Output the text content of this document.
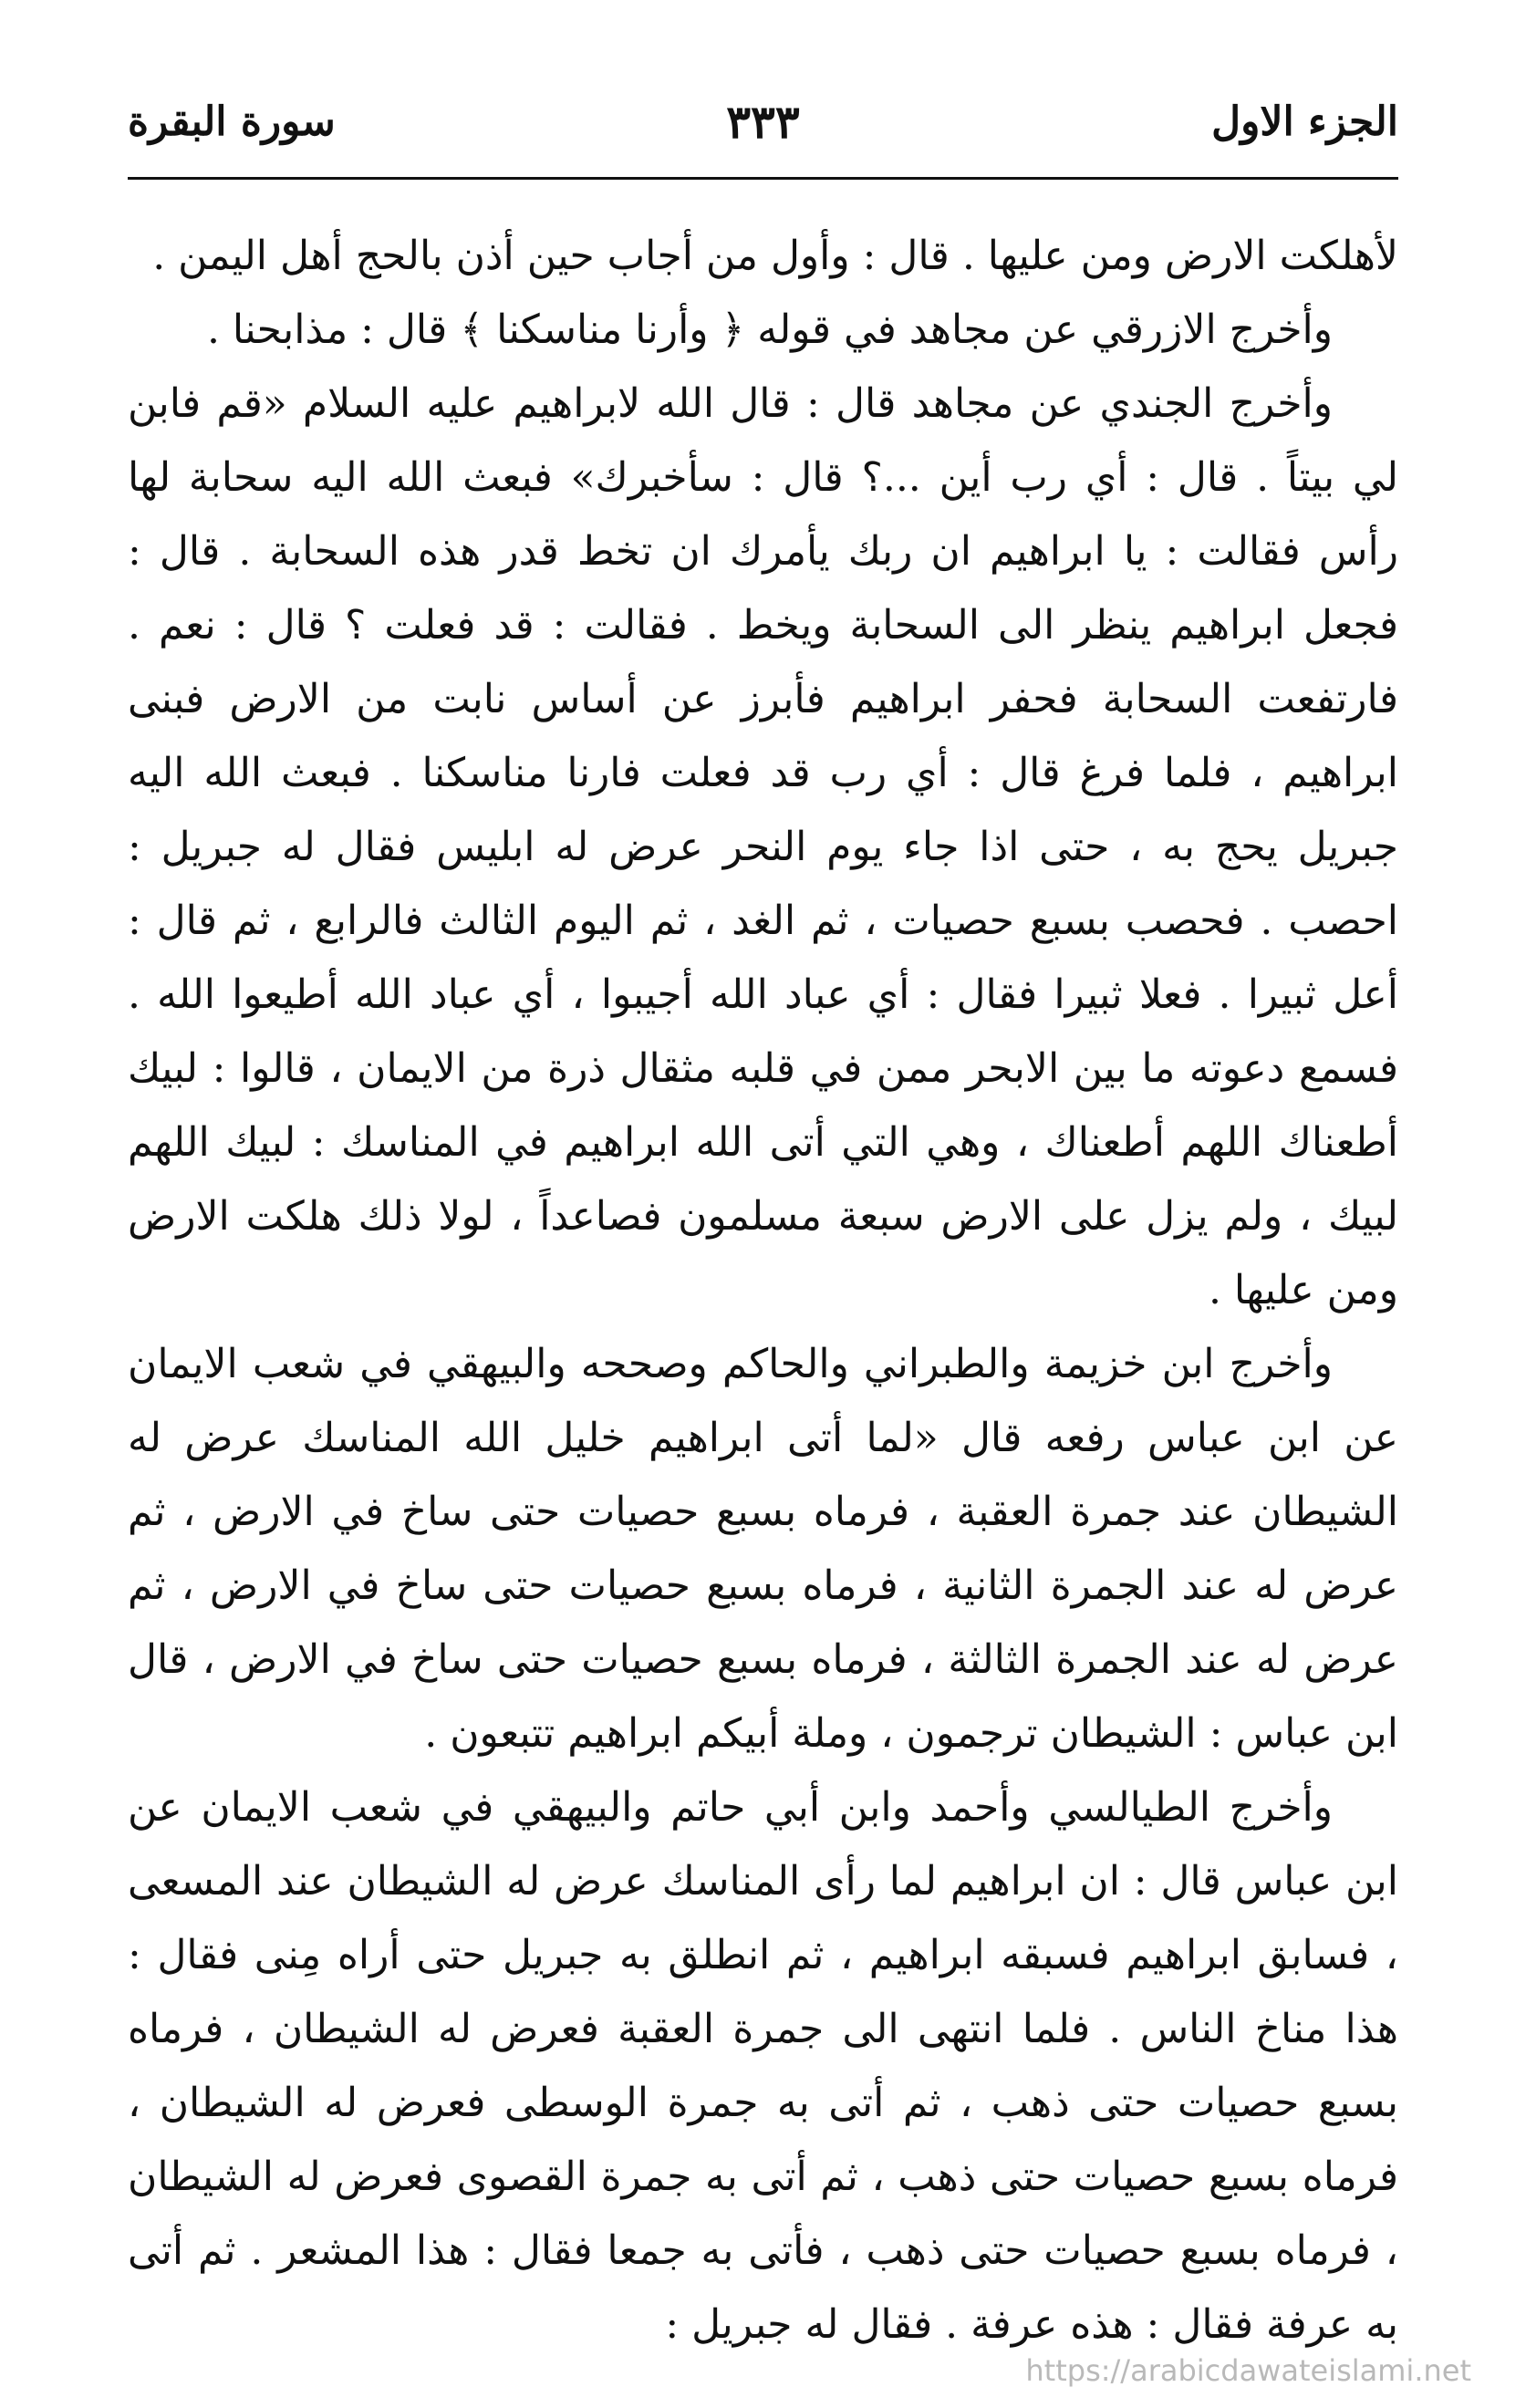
الجزء الاول
٣٣٣
سورة البقرة

لأهلكت الارض ومن عليها . قال : وأول من أجاب حين أذن بالحج أهل اليمن .

وأخرج الازرقي عن مجاهد في قوله ﴿ وأرنا مناسكنا ﴾ قال : مذابحنا .

وأخرج الجندي عن مجاهد قال : قال الله لابراهيم عليه السلام «قم فابن لي بيتاً . قال : أي رب أين ...؟ قال : سأخبرك» فبعث الله اليه سحابة لها رأس فقالت : يا ابراهيم ان ربك يأمرك ان تخط قدر هذه السحابة . قال : فجعل ابراهيم ينظر الى السحابة ويخط . فقالت : قد فعلت ؟ قال : نعم . فارتفعت السحابة فحفر ابراهيم فأبرز عن أساس نابت من الارض فبنى ابراهيم ، فلما فرغ قال : أي رب قد فعلت فارنا مناسكنا . فبعث الله اليه جبريل يحج به ، حتى اذا جاء يوم النحر عرض له ابليس فقال له جبريل : احصب . فحصب بسبع حصيات ، ثم الغد ، ثم اليوم الثالث فالرابع ، ثم قال : أعل ثبيرا . فعلا ثبيرا فقال : أي عباد الله أجيبوا ، أي عباد الله أطيعوا الله . فسمع دعوته ما بين الابحر ممن في قلبه مثقال ذرة من الايمان ، قالوا : لبيك أطعناك اللهم أطعناك ، وهي التي أتى الله ابراهيم في المناسك : لبيك اللهم لبيك ، ولم يزل على الارض سبعة مسلمون فصاعداً ، لولا ذلك هلكت الارض ومن عليها .

وأخرج ابن خزيمة والطبراني والحاكم وصححه والبيهقي في شعب الايمان عن ابن عباس رفعه قال «لما أتى ابراهيم خليل الله المناسك عرض له الشيطان عند جمرة العقبة ، فرماه بسبع حصيات حتى ساخ في الارض ، ثم عرض له عند الجمرة الثانية ، فرماه بسبع حصيات حتى ساخ في الارض ، ثم عرض له عند الجمرة الثالثة ، فرماه بسبع حصيات حتى ساخ في الارض ، قال ابن عباس : الشيطان ترجمون ، وملة أبيكم ابراهيم تتبعون .

وأخرج الطيالسي وأحمد وابن أبي حاتم والبيهقي في شعب الايمان عن ابن عباس قال : ان ابراهيم لما رأى المناسك عرض له الشيطان عند المسعى ، فسابق ابراهيم فسبقه ابراهيم ، ثم انطلق به جبريل حتى أراه مِنى فقال : هذا مناخ الناس . فلما انتهى الى جمرة العقبة فعرض له الشيطان ، فرماه بسبع حصيات حتى ذهب ، ثم أتى به جمرة الوسطى فعرض له الشيطان ، فرماه بسبع حصيات حتى ذهب ، ثم أتى به جمرة القصوى فعرض له الشيطان ، فرماه بسبع حصيات حتى ذهب ، فأتى به جمعا فقال : هذا المشعر . ثم أتى به عرفة فقال : هذه عرفة . فقال له جبريل :

https://arabicdawateislami.net
